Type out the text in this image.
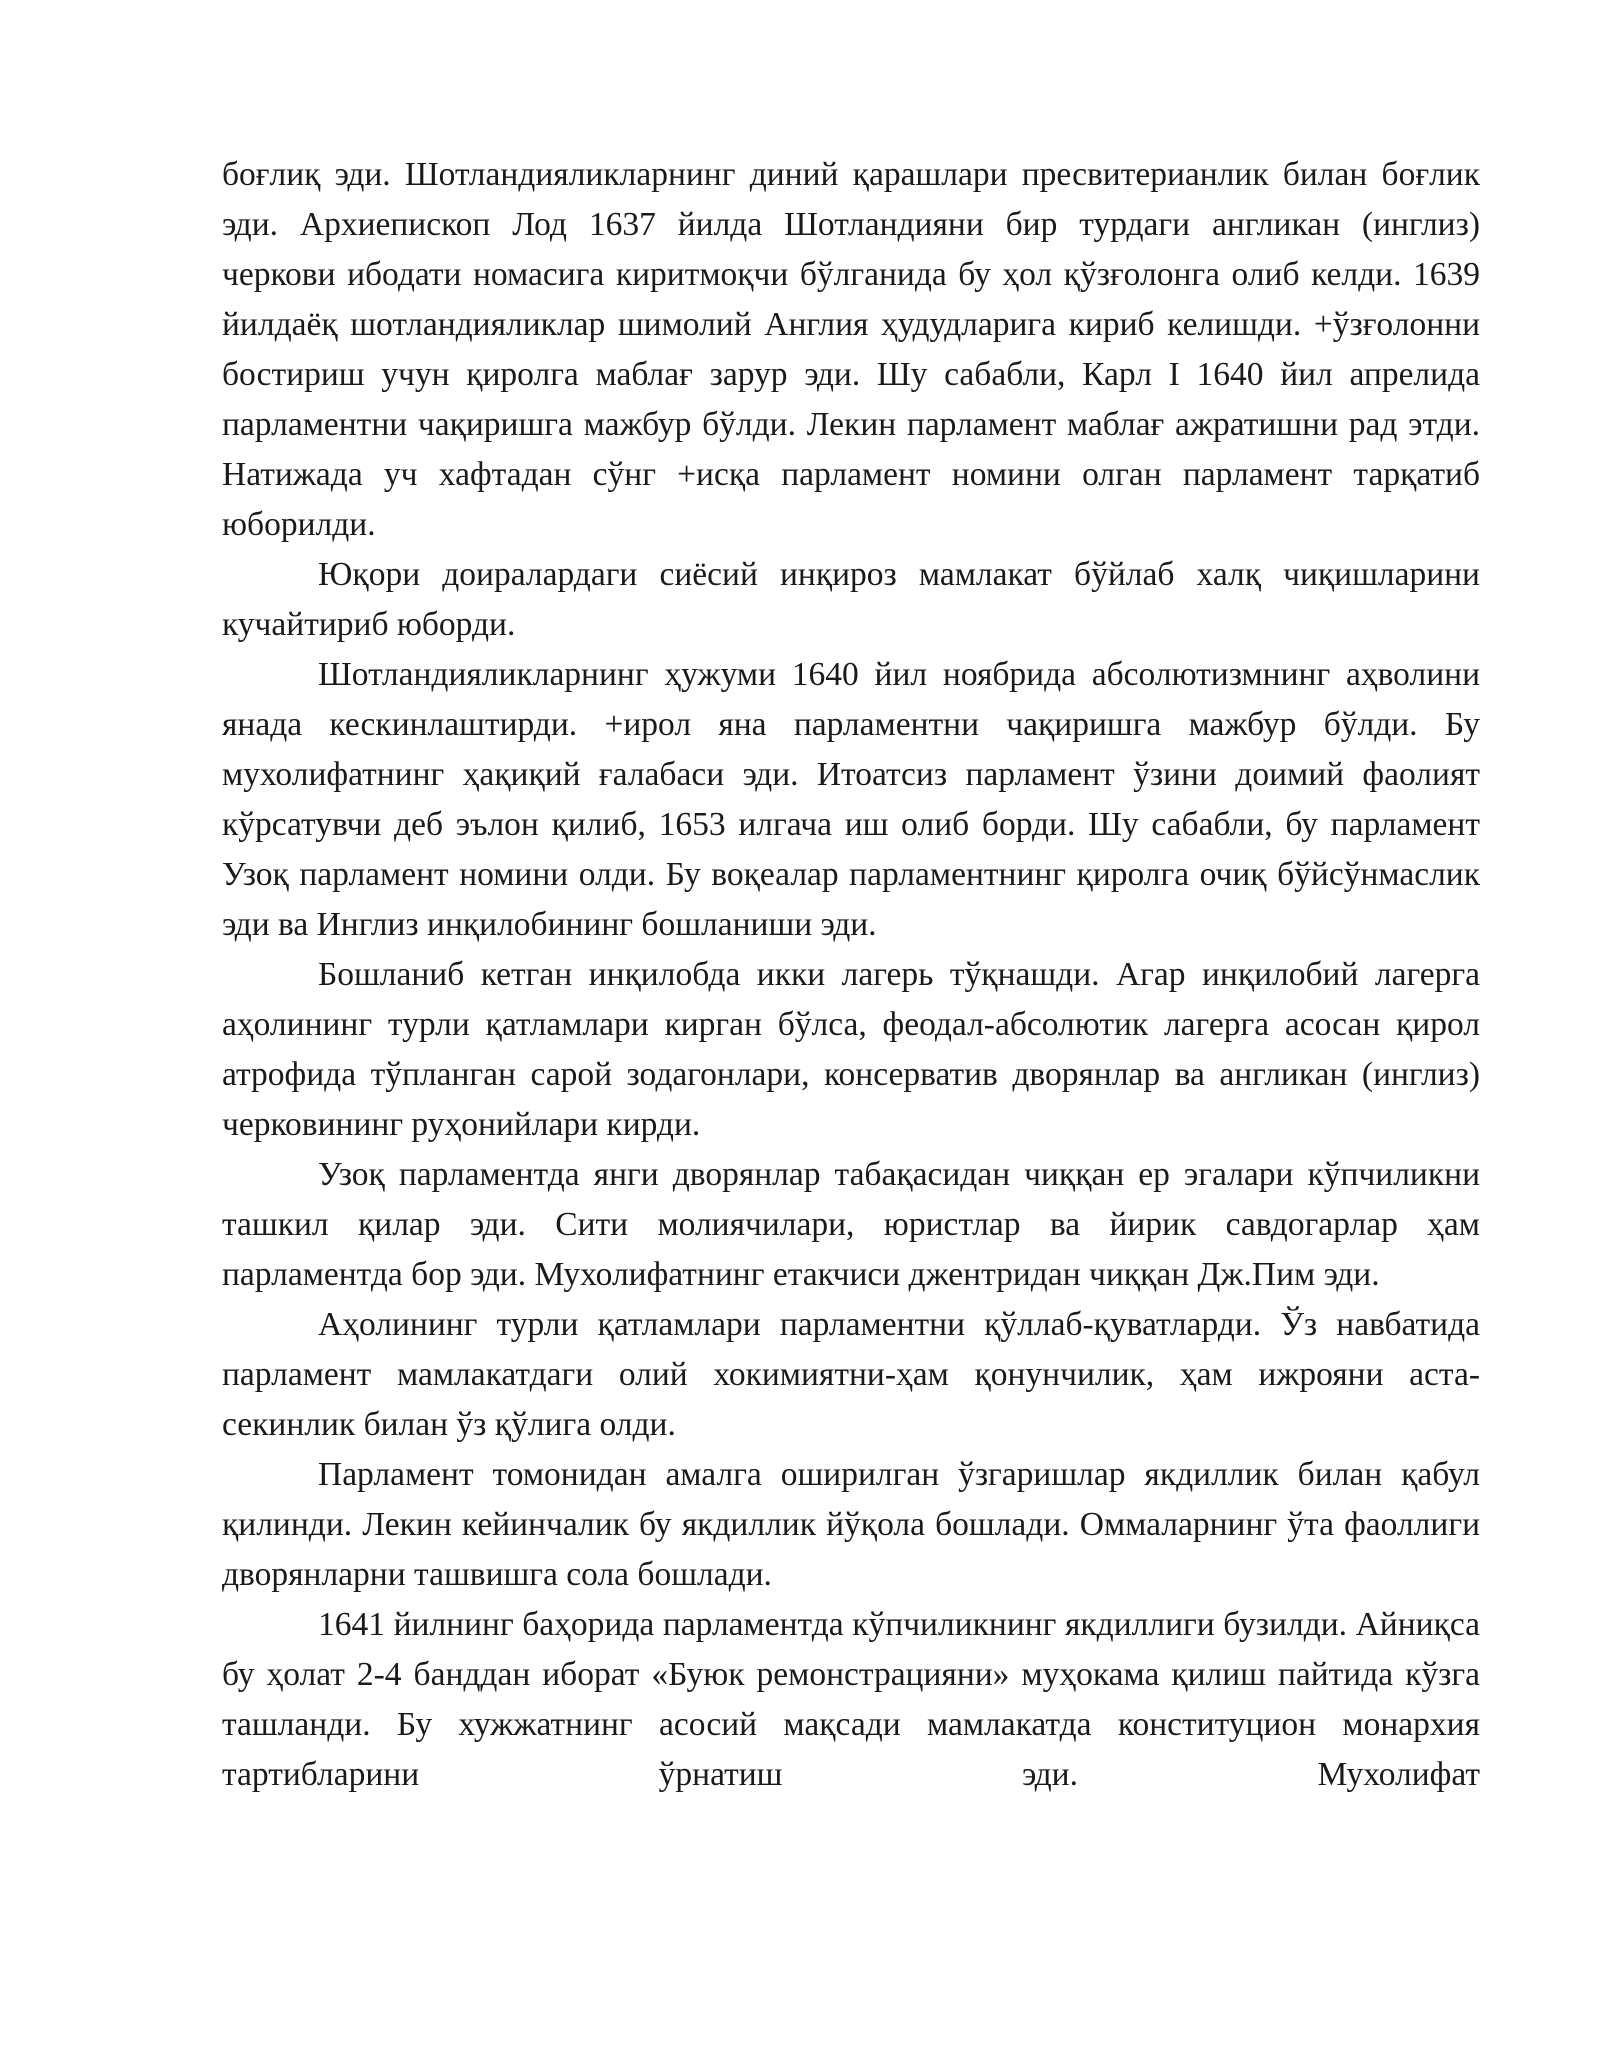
боғлиқ эди. Шотландияликларнинг диний қарашлари пресвитерианлик билан боғлик эди. Архиепископ Лод 1637 йилда Шотландияни бир турдаги англикан (инглиз) черкови ибодати номасига киритмоқчи бўлганида бу ҳол қўзғолонга олиб келди. 1639 йилдаёқ шотландияликлар шимолий Англия ҳудудларига кириб келишди. +ўзғолонни бостириш учун қиролга маблағ зарур эди. Шу сабабли, Карл I 1640 йил апрелида парламентни чақиришга мажбур бўлди. Лекин парламент маблағ ажратишни рад этди. Натижада уч хафтадан сўнг +исқа парламент номини олган парламент тарқатиб юборилди.

Юқори доиралардаги сиёсий инқироз мамлакат бўйлаб халқ чиқишларини кучайтириб юборди.

Шотландияликларнинг ҳужуми 1640 йил ноябрида абсолютизмнинг аҳволини янада кескинлаштирди. +ирол яна парламентни чақиришга мажбур бўлди. Бу мухолифатнинг ҳақиқий ғалабаси эди. Итоатсиз парламент ўзини доимий фаолият кўрсатувчи деб эълон қилиб, 1653 илгача иш олиб борди. Шу сабабли, бу парламент Узоқ парламент номини олди. Бу воқеалар парламентнинг қиролга очиқ бўйсўнмаслик эди ва Инглиз инқилобининг бошланиши эди.

Бошланиб кетган инқилобда икки лагерь тўқнашди. Агар инқилобий лагерга аҳолининг турли қатламлари кирган бўлса, феодал-абсолютик лагерга асосан қирол атрофида тўпланган сарой зодагонлари, консерватив дворянлар ва англикан (инглиз) черковининг руҳонийлари кирди.

Узоқ парламентда янги дворянлар табақасидан чиққан ер эгалари кўпчиликни ташкил қилар эди. Сити молиячилари, юристлар ва йирик савдогарлар ҳам парламентда бор эди. Мухолифатнинг етакчиси джентридан чиққан Дж.Пим эди.

Аҳолининг турли қатламлари парламентни қўллаб-қуватларди. Ўз навбатида парламент мамлакатдаги олий хокимиятни-ҳам қонунчилик, ҳам ижрояни аста-секинлик билан ўз қўлига олди.

Парламент томонидан амалга оширилган ўзгаришлар якдиллик билан қабул қилинди. Лекин кейинчалик бу якдиллик йўқола бошлади. Оммаларнинг ўта фаоллиги дворянларни ташвишга сола бошлади.

1641 йилнинг баҳорида парламентда кўпчиликнинг якдиллиги бузилди. Айниқса бу ҳолат 2-4 банддан иборат «Буюк ремонстрацияни» муҳокама қилиш пайтида кўзга ташланди. Бу хужжатнинг асосий мақсади мамлакатда конституцион монархия тартибларини ўрнатиш эди. Мухолифат
